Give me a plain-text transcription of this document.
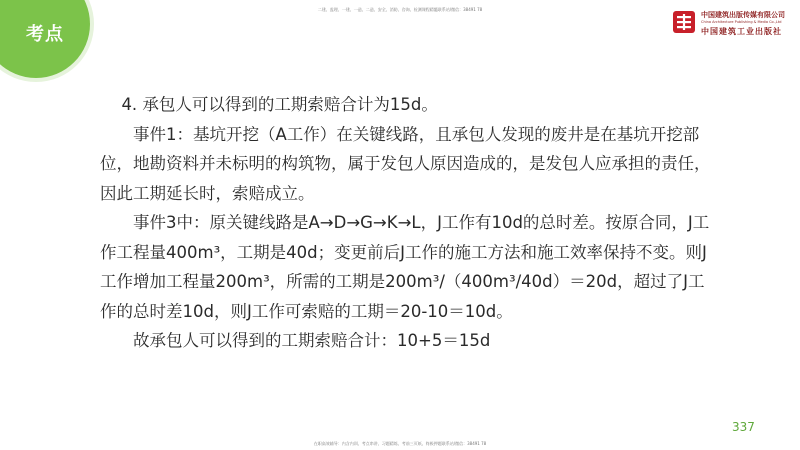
考点
二建、监理、一建、一造、二造、安全、消防、咨询、检测课程精髓联系站/微信：38491 78
中国建筑出版传媒有限公司
China Architecture Publishing & Media Co.,Ltd
中国建筑工业出版社

4. 承包人可以得到的工期索赔合计为15d。

事件1：基坑开挖（A工作）在关键线路，且承包人发现的废井是在基坑开挖部位，地勘资料并未标明的构筑物，属于发包人原因造成的，是发包人应承担的责任，因此工期延长时，索赔成立。

事件3中：原关键线路是A→D→G→K→L，J工作有10d的总时差。按原合同，J工作工程量400m³，工期是40d；变更前后J工作的施工方法和施工效率保持不变。则J工作增加工程量200m³，所需的工期是200m³/（400m³/40d）＝20d，超过了J工作的总时差10d，则J工作可索赔的工期＝20-10＝10d。

故承包人可以得到的工期索赔合计：10+5＝15d

337
在职高效辅导：内含内训、考点串讲、习题精练、考前三页纸、终极押题联系站/微信：38491 78
